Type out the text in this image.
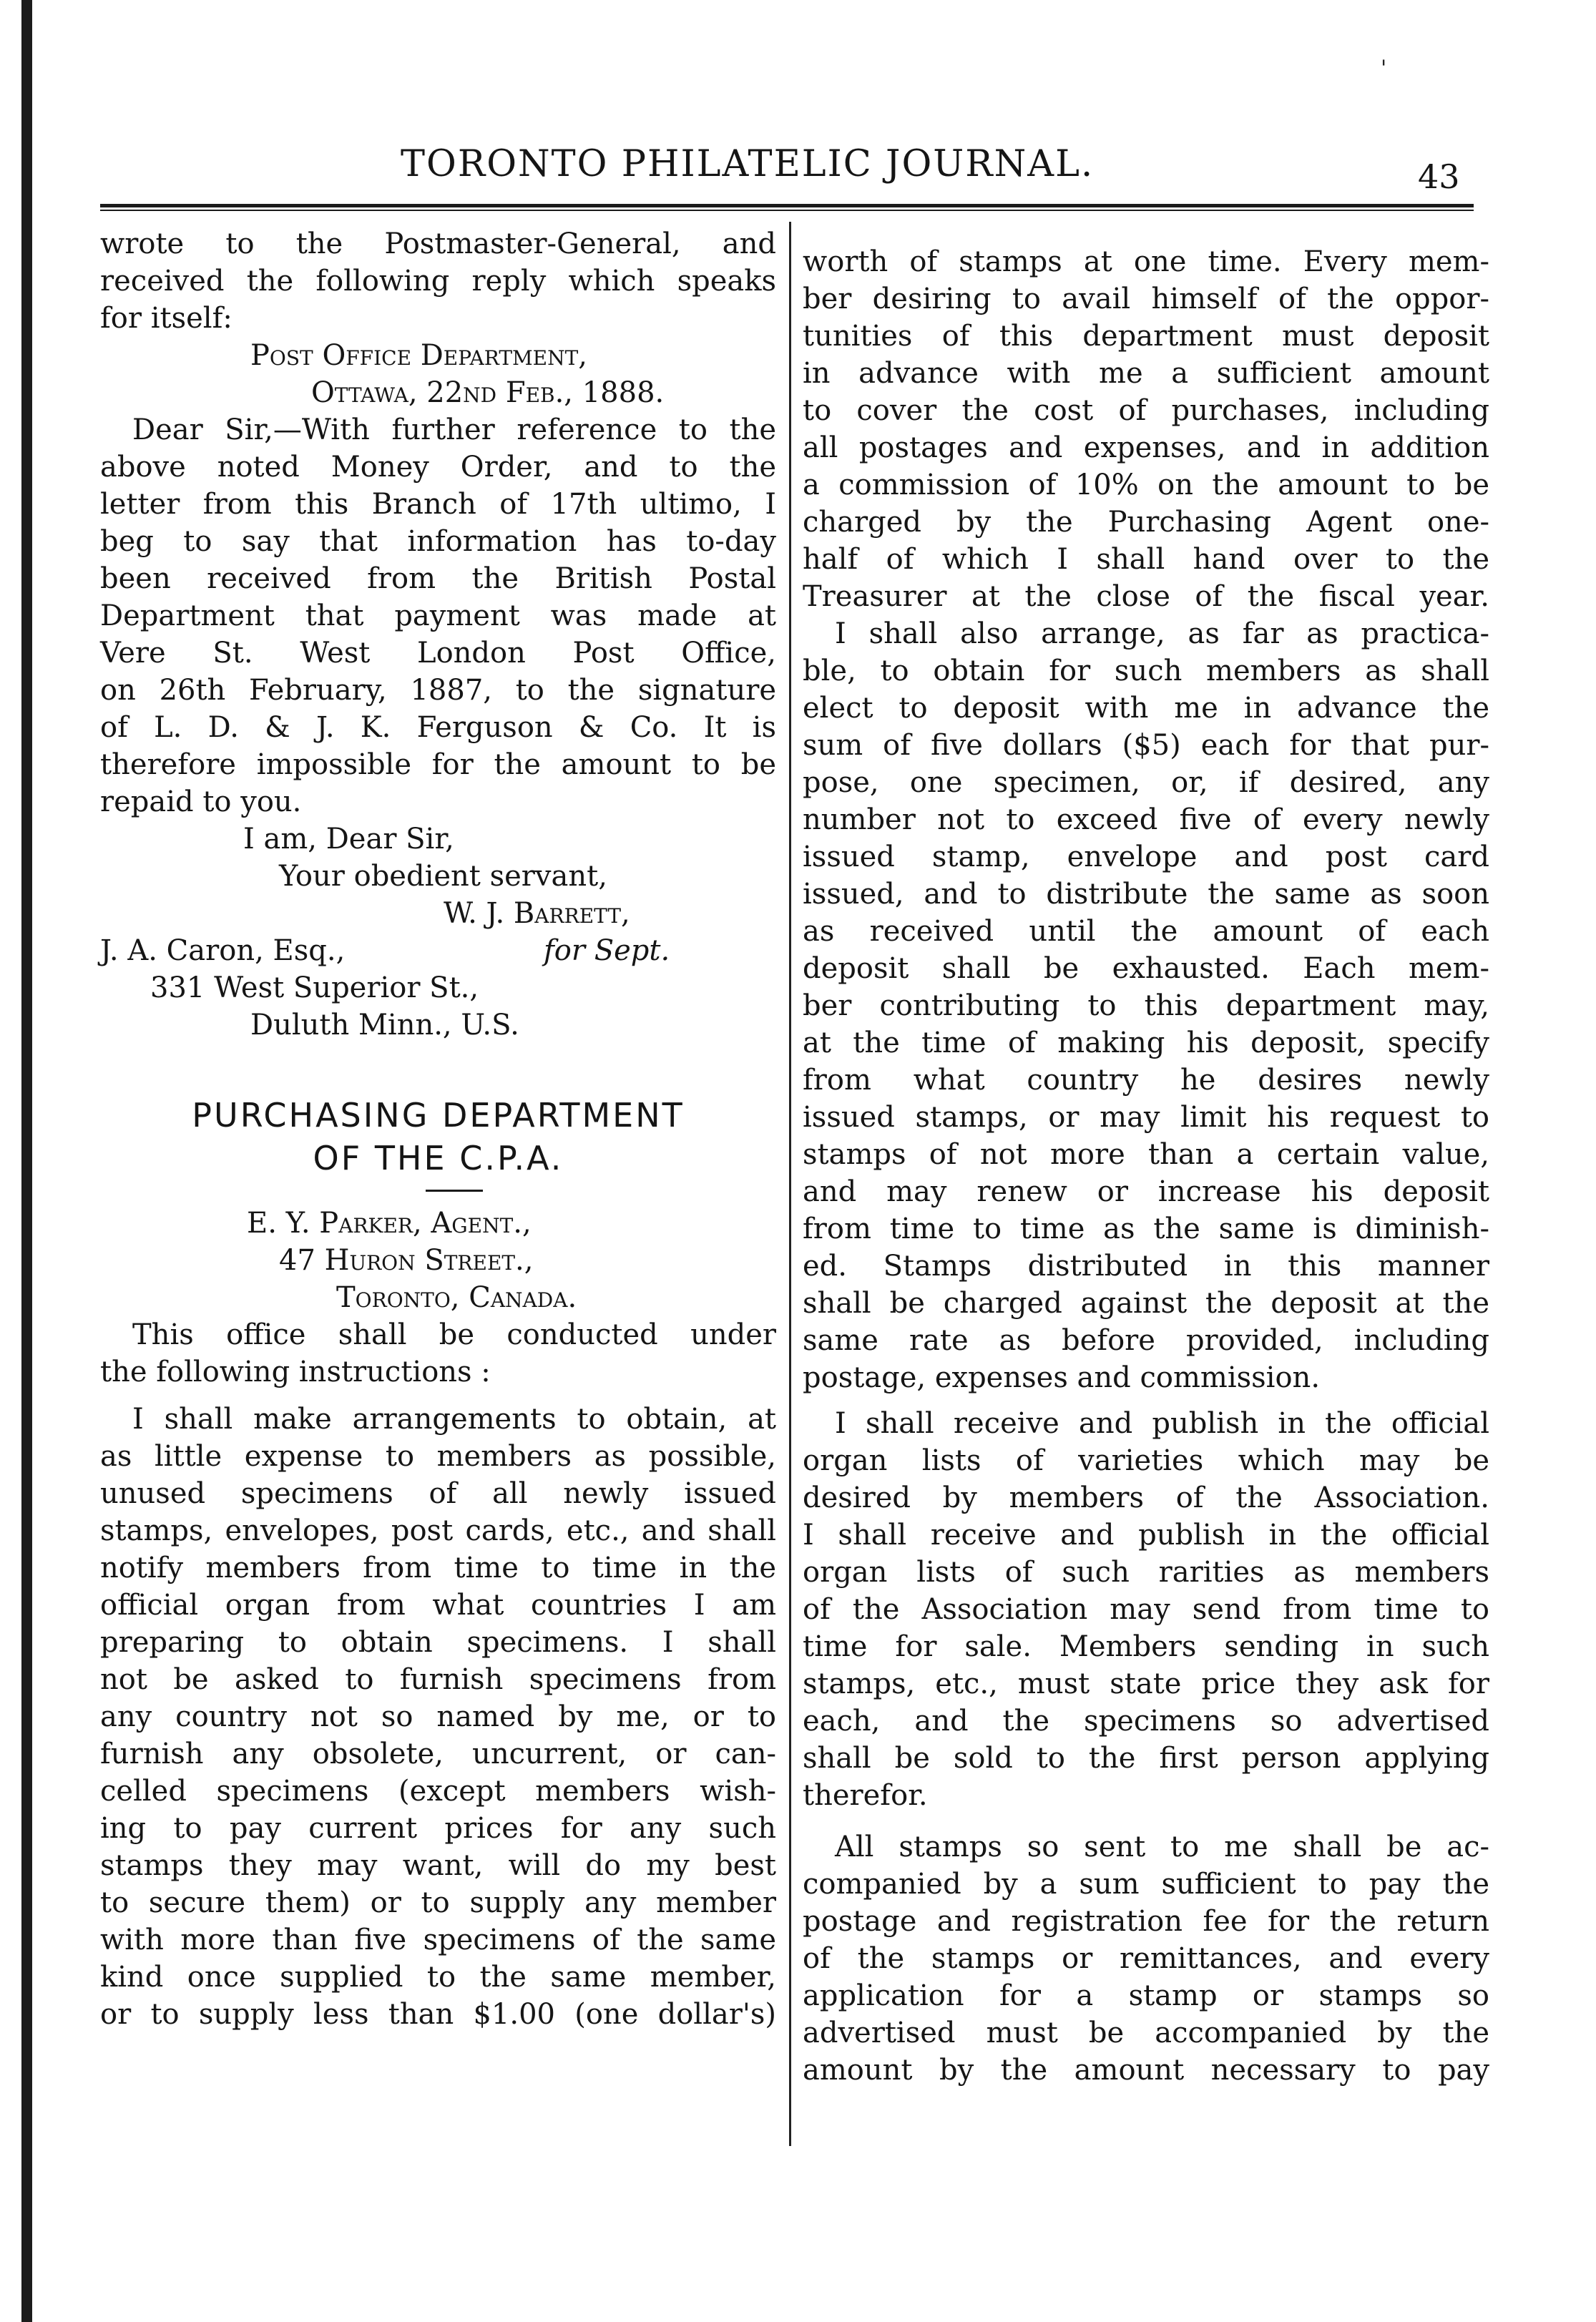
'
TORONTO PHILATELIC JOURNAL.	43
wrote to the Postmaster-General, and
received the following reply which speaks
for itself:
Post Office Department,
Ottawa, 22nd Feb., 1888.
Dear Sir,—With further reference to the
above noted Money Order, and to the
letter from this Branch of 17th ultimo, I
beg to say that information has to-day
been received from the British Postal
Department that payment was made at
Vere St. West London Post Office,
on 26th February, 1887, to the signature
of L. D. & J. K. Ferguson & Co. It is
therefore impossible for the amount to be
repaid to you.
I am, Dear Sir,
Your obedient servant,
W. J. Barrett,
J. A. Caron, Esq.,	for Sept.
331 West Superior St.,
Duluth Minn., U.S.
PURCHASING DEPARTMENT
OF THE C.P.A.
E. Y. Parker, Agent.,
47 Huron Street.,
Toronto, Canada.
This office shall be conducted under
the following instructions :
I shall make arrangements to obtain, at
as little expense to members as possible,
unused specimens of all newly issued
stamps, envelopes, post cards, etc., and shall
notify members from time to time in the
official organ from what countries I am
preparing to obtain specimens. I shall
not be asked to furnish specimens from
any country not so named by me, or to
furnish any obsolete, uncurrent, or can-
celled specimens (except members wish-
ing to pay current prices for any such
stamps they may want, will do my best
to secure them) or to supply any member
with more than five specimens of the same
kind once supplied to the same member,
or to supply less than $1.00 (one dollar's)
worth of stamps at one time. Every mem-
ber desiring to avail himself of the oppor-
tunities of this department must deposit
in advance with me a sufficient amount
to cover the cost of purchases, including
all postages and expenses, and in addition
a commission of 10% on the amount to be
charged by the Purchasing Agent one-
half of which I shall hand over to the
Treasurer at the close of the fiscal year.
I shall also arrange, as far as practica-
ble, to obtain for such members as shall
elect to deposit with me in advance the
sum of five dollars ($5) each for that pur-
pose, one specimen, or, if desired, any
number not to exceed five of every newly
issued stamp, envelope and post card
issued, and to distribute the same as soon
as received until the amount of each
deposit shall be exhausted. Each mem-
ber contributing to this department may,
at the time of making his deposit, specify
from what country he desires newly
issued stamps, or may limit his request to
stamps of not more than a certain value,
and may renew or increase his deposit
from time to time as the same is diminish-
ed. Stamps distributed in this manner
shall be charged against the deposit at the
same rate as before provided, including
postage, expenses and commission.
I shall receive and publish in the official
organ lists of varieties which may be
desired by members of the Association.
I shall receive and publish in the official
organ lists of such rarities as members
of the Association may send from time to
time for sale. Members sending in such
stamps, etc., must state price they ask for
each, and the specimens so advertised
shall be sold to the first person applying
therefor.
All stamps so sent to me shall be ac-
companied by a sum sufficient to pay the
postage and registration fee for the return
of the stamps or remittances, and every
application for a stamp or stamps so
advertised must be accompanied by the
amount by the amount necessary to pay
